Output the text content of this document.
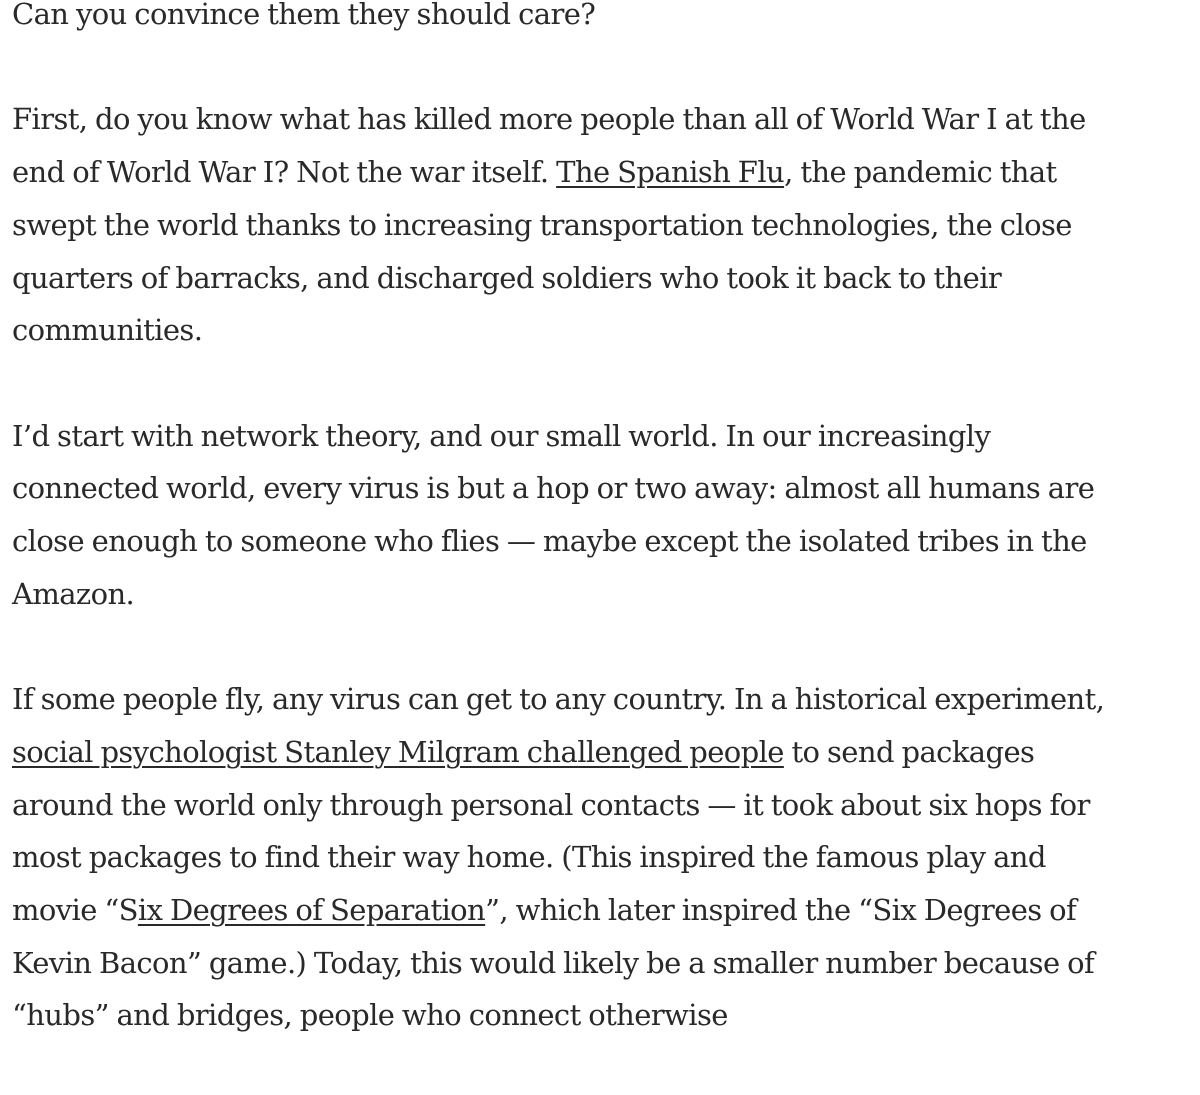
Can you convince them they should care?

First, do you know what has killed more people than all of World War I at the end of World War I? Not the war itself. The Spanish Flu, the pandemic that swept the world thanks to increasing transportation technologies, the close quarters of barracks, and discharged soldiers who took it back to their communities.

I’d start with network theory, and our small world. In our increasingly connected world, every virus is but a hop or two away: almost all humans are close enough to someone who flies — maybe except the isolated tribes in the Amazon.

If some people fly, any virus can get to any country. In a historical experiment, social psychologist Stanley Milgram challenged people to send packages around the world only through personal contacts — it took about six hops for most packages to find their way home. (This inspired the famous play and movie “Six Degrees of Separation”, which later inspired the “Six Degrees of Kevin Bacon” game.) Today, this would likely be a smaller number because of “hubs” and bridges, people who connect otherwise
